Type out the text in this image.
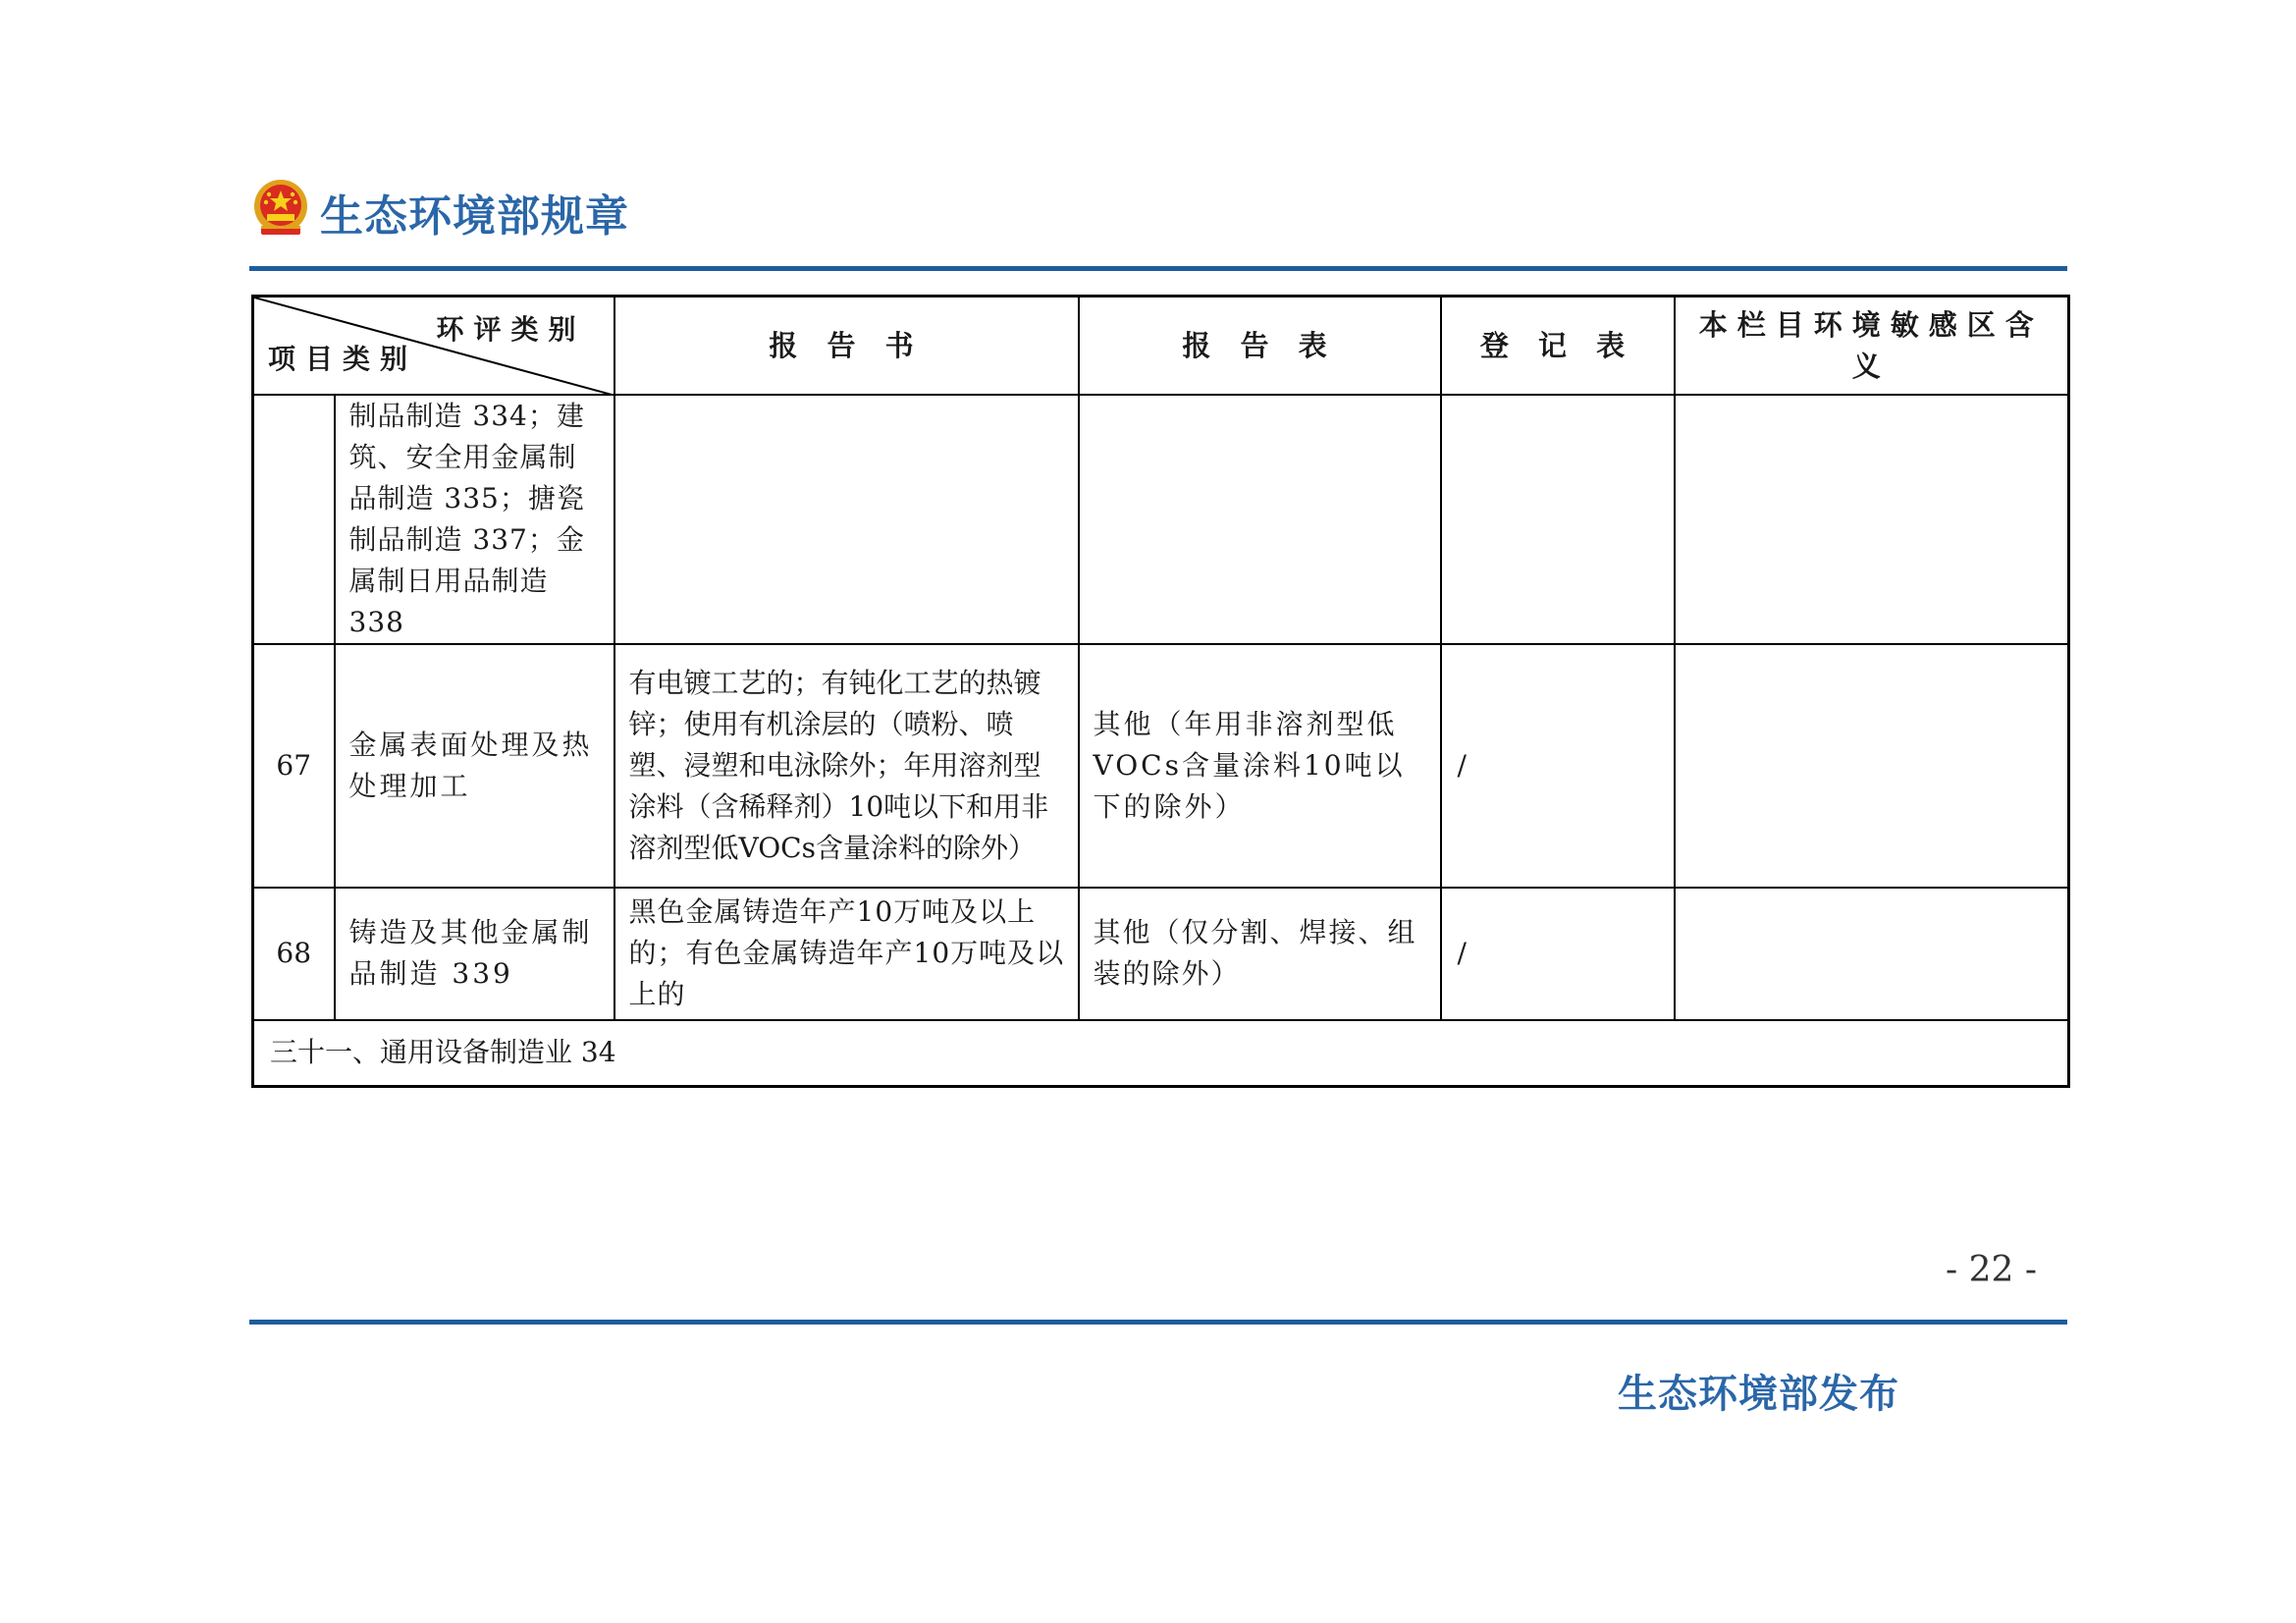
生态环境部规章
环评类别
项目类别		报 告 书	报 告 表	登 记 表	本栏目环境敏感区含义
	制品制造 334；建筑、安全用金属制品制造 335；搪瓷制品制造 337；金属制日用品制造 338				
67	金属表面处理及热处理加工	有电镀工艺的；有钝化工艺的热镀锌；使用有机涂层的（喷粉、喷塑、浸塑和电泳除外；年用溶剂型涂料（含稀释剂）10吨以下和用非溶剂型低VOCs含量涂料的除外）	其他（年用非溶剂型低VOCs含量涂料10吨以下的除外）	/	
68	铸造及其他金属制品制造 339	黑色金属铸造年产10万吨及以上的；有色金属铸造年产10万吨及以上的	其他（仅分割、焊接、组装的除外）	/	
三十一、通用设备制造业 34					
- 22 -
生态环境部发布
